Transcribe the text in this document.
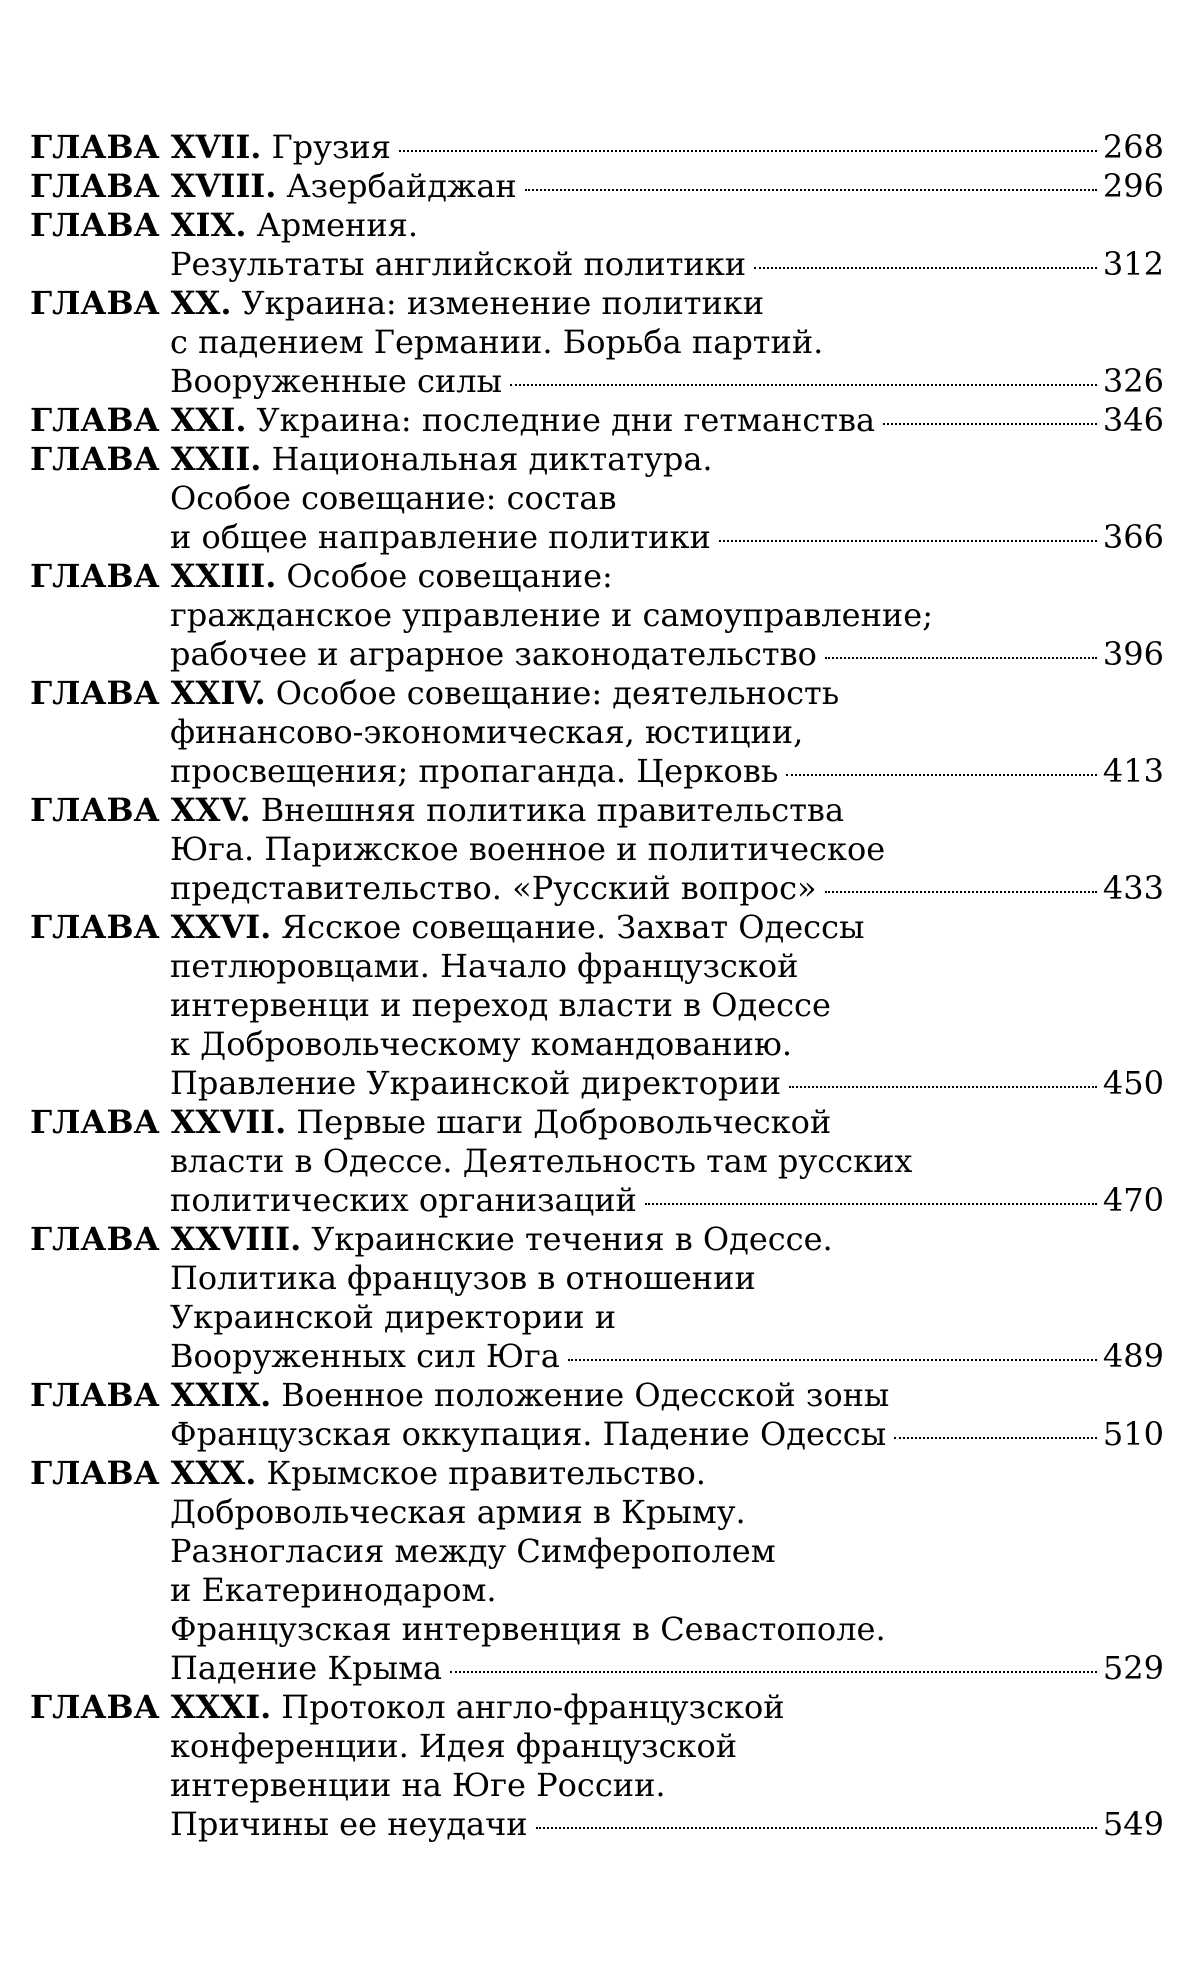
ГЛАВА XVII. Грузия	268
ГЛАВА XVIII. Азербайджан	296
ГЛАВА XIX. Армения.
Результаты английской политики	312
ГЛАВА XX. Украина: изменение политики
с падением Германии. Борьба партий.
Вооруженные силы	326
ГЛАВА XXI. Украина: последние дни гетманства	346
ГЛАВА XXII. Национальная диктатура.
Особое совещание: состав
и общее направление политики	366
ГЛАВА XXIII. Особое совещание:
гражданское управление и самоуправление;
рабочее и аграрное законодательство	396
ГЛАВА XXIV. Особое совещание: деятельность
финансово-экономическая, юстиции,
просвещения; пропаганда. Церковь	413
ГЛАВА XXV. Внешняя политика правительства
Юга. Парижское военное и политическое
представительство. «Русский вопрос»	433
ГЛАВА XXVI. Ясское совещание. Захват Одессы
петлюровцами. Начало французской
интервенци и переход власти в Одессе
к Добровольческому командованию.
Правление Украинской директории	450
ГЛАВА XXVII. Первые шаги Добровольческой
власти в Одессе. Деятельность там русских
политических организаций	470
ГЛАВА XXVIII. Украинские течения в Одессе.
Политика французов в отношении
Украинской директории и
Вооруженных сил Юга	489
ГЛАВА XXIX. Военное положение Одесской зоны
Французская оккупация. Падение Одессы	510
ГЛАВА XXX. Крымское правительство.
Добровольческая армия в Крыму.
Разногласия между Симферополем
и Екатеринодаром.
Французская интервенция в Севастополе.
Падение Крыма	529
ГЛАВА XXXI. Протокол англо-французской
конференции. Идея французской
интервенции на Юге России.
Причины ее неудачи	549
